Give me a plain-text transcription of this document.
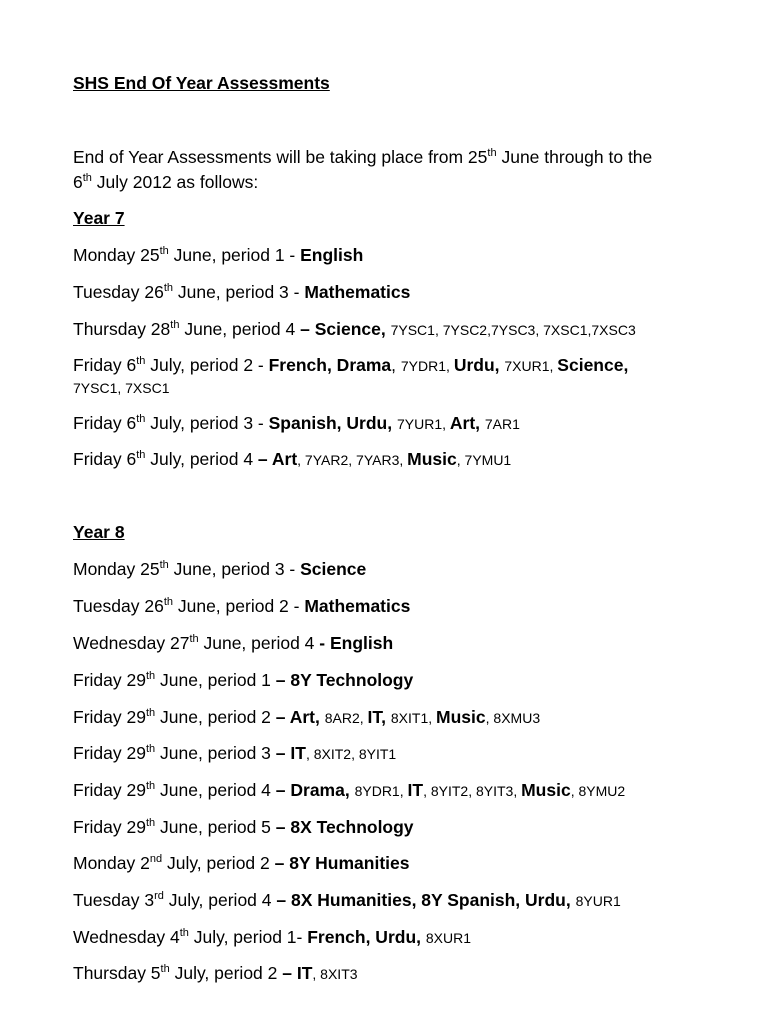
SHS End Of Year Assessments
End of Year Assessments will be taking place from 25th June through to the
6th July 2012 as follows:
Year 7
Monday 25th June, period 1 - English
Tuesday 26th June, period 3 - Mathematics
Thursday 28th June, period 4 – Science, 7YSC1, 7YSC2,7YSC3, 7XSC1,7XSC3
Friday 6th July, period 2 - French, Drama, 7YDR1, Urdu, 7XUR1, Science,
7YSC1, 7XSC1
Friday 6th July, period 3 - Spanish, Urdu, 7YUR1, Art, 7AR1
Friday 6th July, period 4 – Art, 7YAR2, 7YAR3, Music, 7YMU1
Year 8
Monday 25th June, period 3 - Science
Tuesday 26th June, period 2 - Mathematics
Wednesday 27th June, period 4 - English
Friday 29th June, period 1 – 8Y Technology
Friday 29th June, period 2 – Art, 8AR2, IT, 8XIT1, Music, 8XMU3
Friday 29th June, period 3 – IT, 8XIT2, 8YIT1
Friday 29th June, period 4 – Drama, 8YDR1, IT, 8YIT2, 8YIT3, Music, 8YMU2
Friday 29th June, period 5 – 8X Technology
Monday 2nd July, period 2 – 8Y Humanities
Tuesday 3rd July, period 4 – 8X Humanities, 8Y Spanish, Urdu, 8YUR1
Wednesday 4th July, period 1- French, Urdu, 8XUR1
Thursday 5th July, period 2 – IT, 8XIT3
